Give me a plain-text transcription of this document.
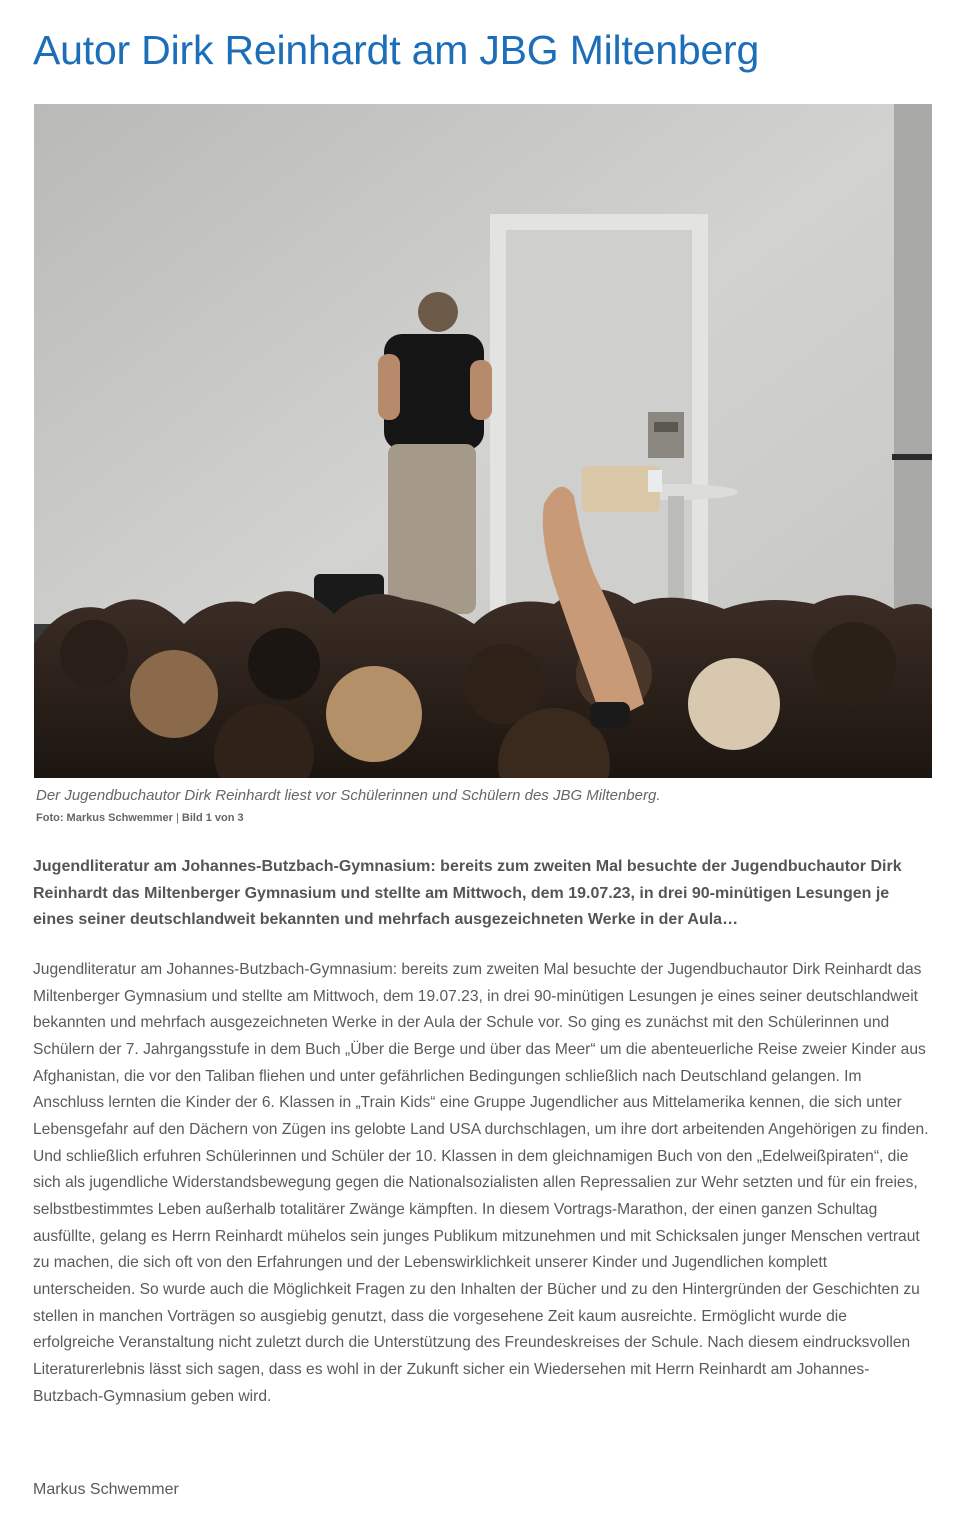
Autor Dirk Reinhardt am JBG Miltenberg
Der Jugendbuchautor Dirk Reinhardt liest vor Schülerinnen und Schülern des JBG Miltenberg.
Foto: Markus Schwemmer | Bild 1 von 3

Jugendliteratur am Johannes-Butzbach-Gymnasium: bereits zum zweiten Mal besuchte der Jugendbuchautor Dirk Reinhardt das Miltenberger Gymnasium und stellte am Mittwoch, dem 19.07.23, in drei 90-minütigen Lesungen je eines seiner deutschlandweit bekannten und mehrfach ausgezeichneten Werke in der Aula…

Jugendliteratur am Johannes-Butzbach-Gymnasium: bereits zum zweiten Mal besuchte der Jugendbuchautor Dirk Reinhardt das Miltenberger Gymnasium und stellte am Mittwoch, dem 19.07.23, in drei 90-minütigen Lesungen je eines seiner deutschlandweit bekannten und mehrfach ausgezeichneten Werke in der Aula der Schule vor. So ging es zunächst mit den Schülerinnen und Schülern der 7. Jahrgangsstufe in dem Buch „Über die Berge und über das Meer“ um die abenteuerliche Reise zweier Kinder aus Afghanistan, die vor den Taliban fliehen und unter gefährlichen Bedingungen schließlich nach Deutschland gelangen. Im Anschluss lernten die Kinder der 6. Klassen in „Train Kids“ eine Gruppe Jugendlicher aus Mittelamerika kennen, die sich unter Lebensgefahr auf den Dächern von Zügen ins gelobte Land USA durchschlagen, um ihre dort arbeitenden Angehörigen zu finden. Und schließlich erfuhren Schülerinnen und Schüler der 10. Klassen in dem gleichnamigen Buch von den „Edelweißpiraten“, die sich als jugendliche Widerstandsbewegung gegen die Nationalsozialisten allen Repressalien zur Wehr setzten und für ein freies, selbstbestimmtes Leben außerhalb totalitärer Zwänge kämpften. In diesem Vortrags-Marathon, der einen ganzen Schultag ausfüllte, gelang es Herrn Reinhardt mühelos sein junges Publikum mitzunehmen und mit Schicksalen junger Menschen vertraut zu machen, die sich oft von den Erfahrungen und der Lebenswirklichkeit unserer Kinder und Jugendlichen komplett unterscheiden. So wurde auch die Möglichkeit Fragen zu den Inhalten der Bücher und zu den Hintergründen der Geschichten zu stellen in manchen Vorträgen so ausgiebig genutzt, dass die vorgesehene Zeit kaum ausreichte. Ermöglicht wurde die erfolgreiche Veranstaltung nicht zuletzt durch die Unterstützung des Freundeskreises der Schule. Nach diesem eindrucksvollen Literaturerlebnis lässt sich sagen, dass es wohl in der Zukunft sicher ein Wiedersehen mit Herrn Reinhardt am Johannes-Butzbach-Gymnasium geben wird.

Markus Schwemmer
